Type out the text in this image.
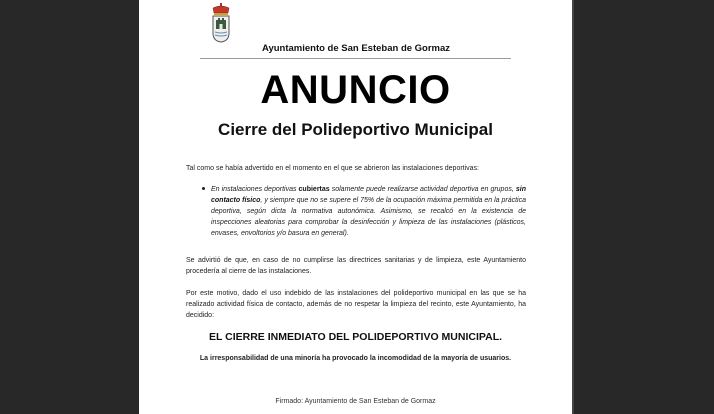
Ayuntamiento de San Esteban de Gormaz
ANUNCIO
Cierre del Polideportivo Municipal
Tal como se había advertido en el momento en el que se abrieron las instalaciones deportivas:
En instalaciones deportivas cubiertas solamente puede realizarse actividad deportiva en grupos, sin contacto físico, y siempre que no se supere el 75% de la ocupación máxima permitida en la práctica deportiva, según dicta la normativa autonómica. Asimismo, se recalcó en la existencia de inspecciones aleatorias para comprobar la desinfección y limpieza de las instalaciones (plásticos, envases, envoltorios y/o basura en general).
Se advirtió de que, en caso de no cumplirse las directrices sanitarias y de limpieza, este Ayuntamiento procedería al cierre de las instalaciones.
Por este motivo, dado el uso indebido de las instalaciones del polideportivo municipal en las que se ha realizado actividad física de contacto, además de no respetar la limpieza del recinto, este Ayuntamiento, ha decidido:
EL CIERRE INMEDIATO DEL POLIDEPORTIVO MUNICIPAL.
La irresponsabilidad de una minoría ha provocado la incomodidad de la mayoría de usuarios.
Firmado: Ayuntamiento de San Esteban de Gormaz
